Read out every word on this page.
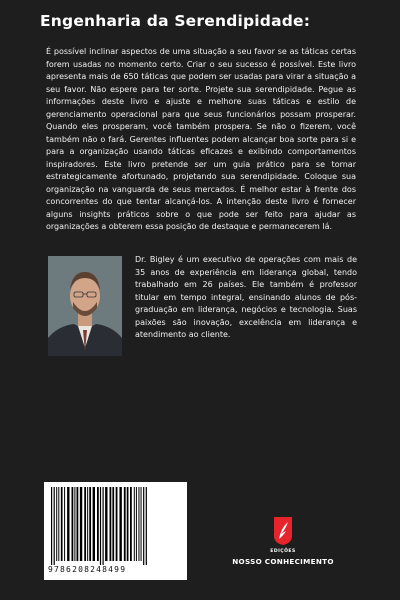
Engenharia da Serendipidade:
É possível inclinar aspectos de uma situação a seu favor se as táticas certas forem usadas no momento certo. Criar o seu sucesso é possível. Este livro apresenta mais de 650 táticas que podem ser usadas para virar a situação a seu favor. Não espere para ter sorte. Projete sua serendipidade. Pegue as informações deste livro e ajuste e melhore suas táticas e estilo de gerenciamento operacional para que seus funcionários possam prosperar. Quando eles prosperam, você também prospera. Se não o fizerem, você também não o fará. Gerentes influentes podem alcançar boa sorte para si e para a organização usando táticas eficazes e exibindo comportamentos inspiradores. Este livro pretende ser um guia prático para se tornar estrategicamente afortunado, projetando sua serendipidade. Coloque sua organização na vanguarda de seus mercados. É melhor estar à frente dos concorrentes do que tentar alcançá-los. A intenção deste livro é fornecer alguns insights práticos sobre o que pode ser feito para ajudar as organizações a obterem essa posição de destaque e permanecerem lá.
Dr. Bigley é um executivo de operações com mais de 35 anos de experiência em liderança global, tendo trabalhado em 26 países. Ele também é professor titular em tempo integral, ensinando alunos de pós-graduação em liderança, negócios e tecnologia. Suas paixões são inovação, excelência em liderança e atendimento ao cliente.
9786208248499
EDIÇÕES
NOSSO CONHECIMENTO
